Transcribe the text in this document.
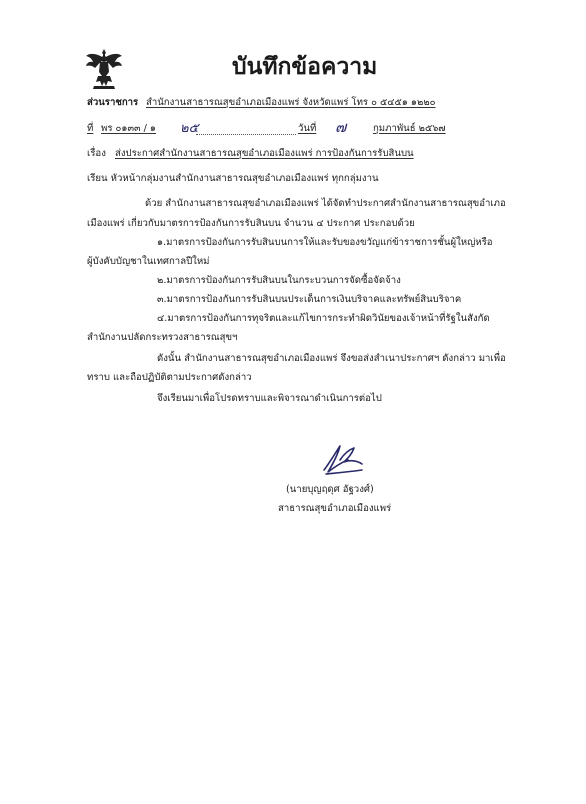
บันทึกข้อความ
ส่วนราชการ สำนักงานสาธารณสุขอำเภอเมืองแพร่ จังหวัดแพร่ โทร ๐ ๕๔๕๑ ๑๒๒๐
ที่ พร ๐๑๓๓ / ๑ ๒๕	วันที่ ๗	กุมภาพันธ์ ๒๕๖๗
เรื่อง ส่งประกาศสำนักงานสาธารณสุขอำเภอเมืองแพร่ การป้องกันการรับสินบน
เรียน หัวหน้ากลุ่มงานสำนักงานสาธารณสุขอำเภอเมืองแพร่ ทุกกลุ่มงาน
ด้วย สำนักงานสาธารณสุขอำเภอเมืองแพร่ ได้จัดทำประกาศสำนักงานสาธารณสุขอำเภอ
เมืองแพร่ เกี่ยวกับมาตรการป้องกันการรับสินบน จำนวน ๔ ประกาศ ประกอบด้วย
๑.มาตรการป้องกันการรับสินบนการให้และรับของขวัญแก่ข้าราชการชั้นผู้ใหญ่หรือ
ผู้บังคับบัญชาในเทศกาลปีใหม่
๒.มาตรการป้องกันการรับสินบนในกระบวนการจัดซื้อจัดจ้าง
๓.มาตรการป้องกันการรับสินบนประเด็นการเงินบริจาคและทรัพย์สินบริจาค
๔.มาตรการป้องกันการทุจริตและแก้ไขการกระทำผิดวินัยของเจ้าหน้าที่รัฐในสังกัด
สำนักงานปลัดกระทรวงสาธารณสุขฯ
ดังนั้น สำนักงานสาธารณสุขอำเภอเมืองแพร่ จึงขอส่งสำเนาประกาศฯ ดังกล่าว มาเพื่อ
ทราบ และถือปฏิบัติตามประกาศดังกล่าว
จึงเรียนมาเพื่อโปรดทราบและพิจารณาดำเนินการต่อไป
(นายบุญฤดุศ อัฐวงศ์)
สาธารณสุขอำเภอเมืองแพร่
